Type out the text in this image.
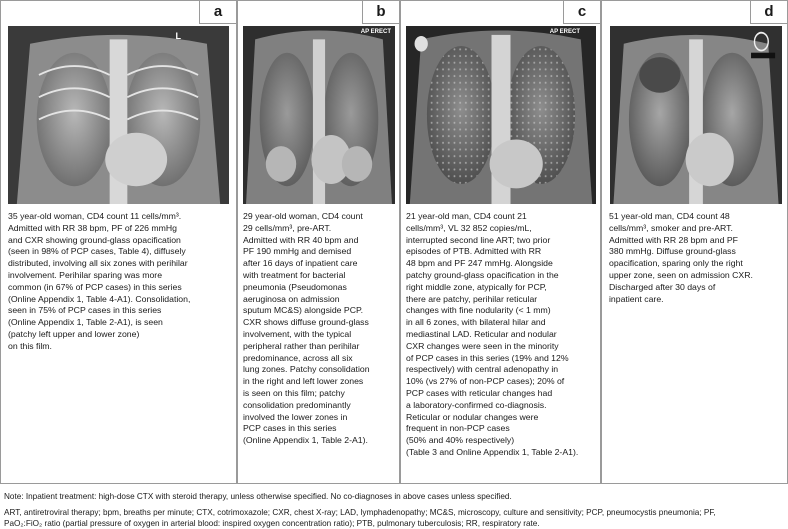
a
L
35 year-old woman, CD4 count 11 cells/mm³.
Admitted with RR 38 bpm, PF of 226 mmHg
and CXR showing ground-glass opacification
(seen in 98% of PCP cases, Table 4), diffusely
distributed, involving all six zones with perihilar
involvement. Perihilar sparing was more
common (in 67% of PCP cases) in this series
(Online Appendix 1, Table 4-A1). Consolidation,
seen in 75% of PCP cases in this series
(Online Appendix 1, Table 2-A1), is seen
(patchy left upper and lower zone)
on this film.
b
AP ERECT
29 year-old woman, CD4 count
29 cells/mm³, pre-ART.
Admitted with RR 40 bpm and
PF 190 mmHg and demised
after 16 days of inpatient care
with treatment for bacterial
pneumonia (Pseudomonas
aeruginosa on admission
sputum MC&S) alongside PCP.
CXR shows diffuse ground-glass
involvement, with the typical
peripheral rather than perihilar
predominance, across all six
lung zones. Patchy consolidation
in the right and left lower zones
is seen on this film; patchy
consolidation predominantly
involved the lower zones in
PCP cases in this series
(Online Appendix 1, Table 2-A1).
c
AP ERECT
21 year-old man, CD4 count 21
cells/mm³, VL 32 852 copies/mL,
interrupted second line ART; two prior
episodes of PTB. Admitted with RR
48 bpm and PF 247 mmHg. Alongside
patchy ground-glass opacification in the
right middle zone, atypically for PCP,
there are patchy, perihilar reticular
changes with fine nodularity (< 1 mm)
in all 6 zones, with bilateral hilar and
mediastinal LAD. Reticular and nodular
CXR changes were seen in the minority
of PCP cases in this series (19% and 12%
respectively) with central adenopathy in
10% (vs 27% of non-PCP cases); 20% of
PCP cases with reticular changes had
a laboratory-confirmed co-diagnosis.
Reticular or nodular changes were
frequent in non-PCP cases
(50% and 40% respectively)
(Table 3 and Online Appendix 1, Table 2-A1).
d
51 year-old man, CD4 count 48
cells/mm³, smoker and pre-ART.
Admitted with RR 28 bpm and PF
380 mmHg. Diffuse ground-glass
opacification, sparing only the right
upper zone, seen on admission CXR.
Discharged after 30 days of
inpatient care.
Note: Inpatient treatment: high-dose CTX with steroid therapy, unless otherwise specified. No co-diagnoses in above cases unless specified.
ART, antiretroviral therapy; bpm, breaths per minute; CTX, cotrimoxazole; CXR, chest X-ray; LAD, lymphadenopathy; MC&S, microscopy, culture and sensitivity; PCP, pneumocystis pneumonia; PF,
PaO₂:FiO₂ ratio (partial pressure of oxygen in arterial blood: inspired oxygen concentration ratio); PTB, pulmonary tuberculosis; RR, respiratory rate.
